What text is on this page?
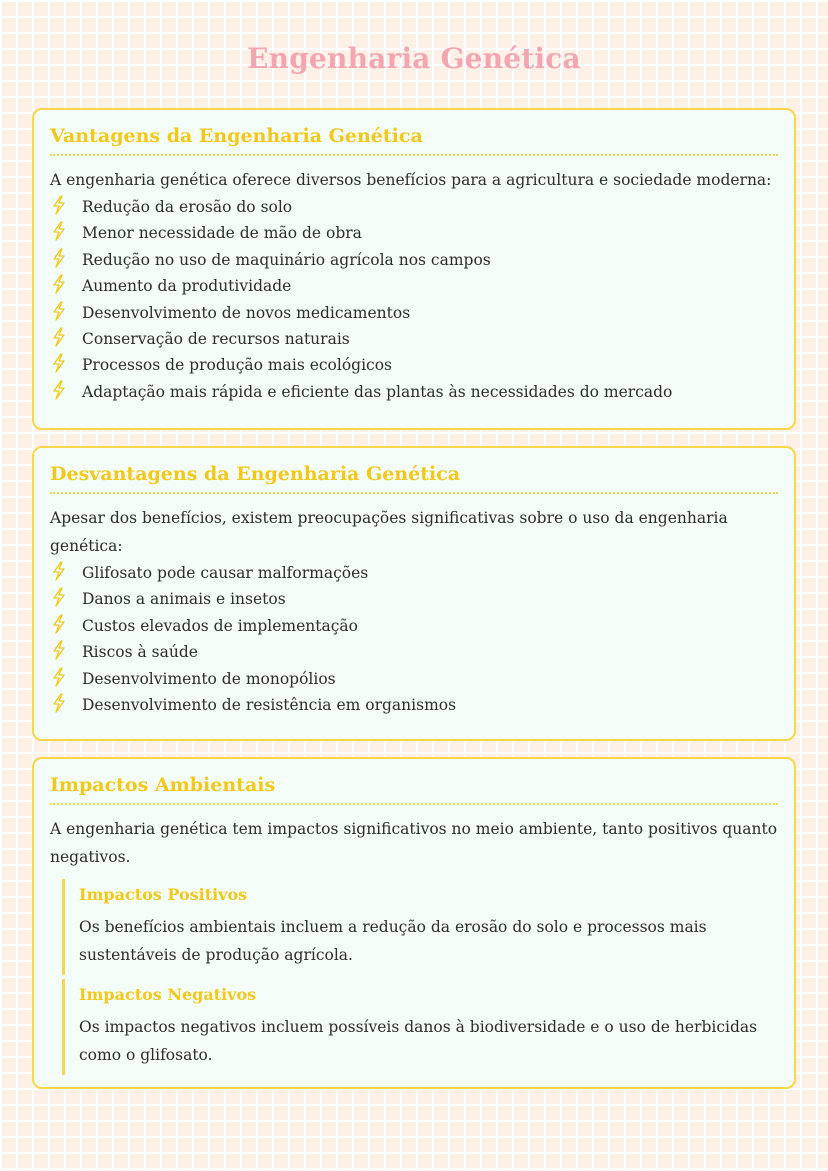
Engenharia Genética
Vantagens da Engenharia Genética

A engenharia genética oferece diversos benefícios para a agricultura e sociedade moderna:

Redução da erosão do solo
Menor necessidade de mão de obra
Redução no uso de maquinário agrícola nos campos
Aumento da produtividade
Desenvolvimento de novos medicamentos
Conservação de recursos naturais
Processos de produção mais ecológicos
Adaptação mais rápida e eficiente das plantas às necessidades do mercado
Desvantagens da Engenharia Genética

Apesar dos benefícios, existem preocupações significativas sobre o uso da engenharia genética:

Glifosato pode causar malformações
Danos a animais e insetos
Custos elevados de implementação
Riscos à saúde
Desenvolvimento de monopólios
Desenvolvimento de resistência em organismos
Impactos Ambientais

A engenharia genética tem impactos significativos no meio ambiente, tanto positivos quanto negativos.

Impactos Positivos

Os benefícios ambientais incluem a redução da erosão do solo e processos mais sustentáveis de produção agrícola.

Impactos Negativos

Os impactos negativos incluem possíveis danos à biodiversidade e o uso de herbicidas como o glifosato.
